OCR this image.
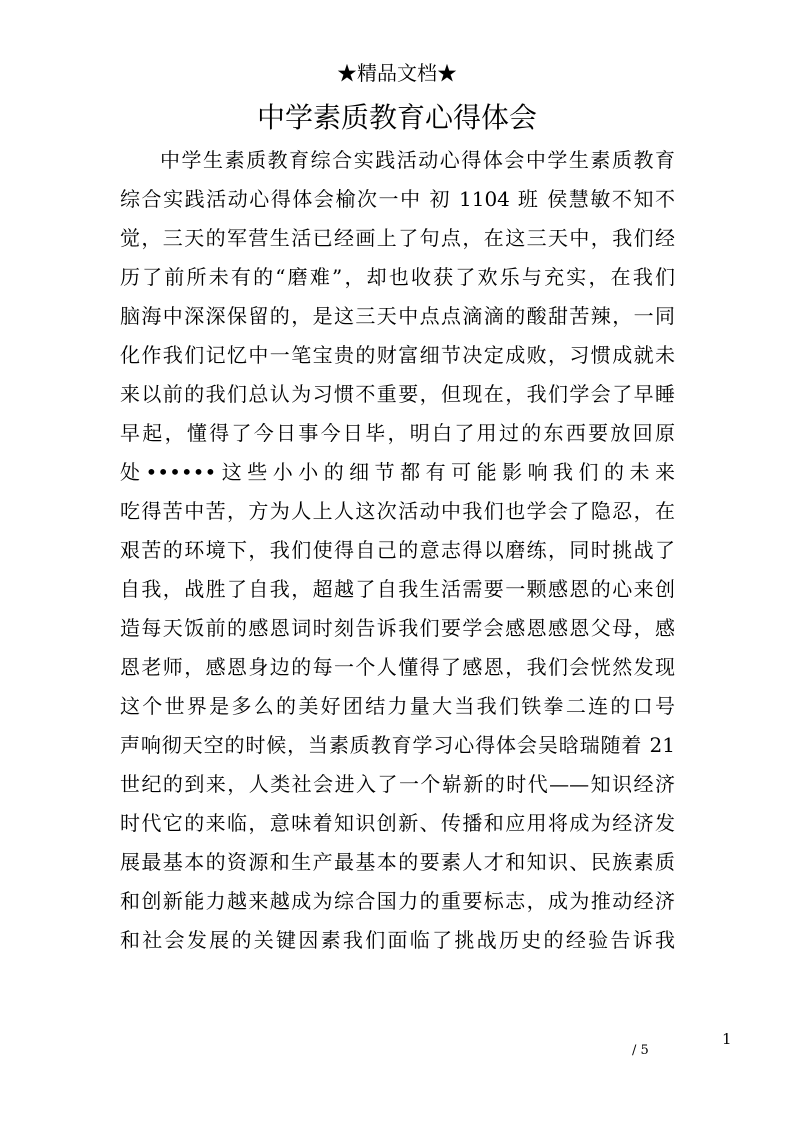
★精品文档★
中学素质教育心得体会
中学生素质教育综合实践活动心得体会中学生素质教育
综合实践活动心得体会榆次一中 初 1104 班 侯慧敏不知不
觉，三天的军营生活已经画上了句点，在这三天中，我们经
历了前所未有的“磨难”，却也收获了欢乐与充实，在我们
脑海中深深保留的，是这三天中点点滴滴的酸甜苦辣，一同
化作我们记忆中一笔宝贵的财富细节决定成败，习惯成就未
来以前的我们总认为习惯不重要，但现在，我们学会了早睡
早起，懂得了今日事今日毕，明白了用过的东西要放回原
处••••••这些小小的细节都有可能影响我们的未来
吃得苦中苦，方为人上人这次活动中我们也学会了隐忍，在
艰苦的环境下，我们使得自己的意志得以磨练，同时挑战了
自我，战胜了自我，超越了自我生活需要一颗感恩的心来创
造每天饭前的感恩词时刻告诉我们要学会感恩感恩父母，感
恩老师，感恩身边的每一个人懂得了感恩，我们会恍然发现
这个世界是多么的美好团结力量大当我们铁拳二连的口号
声响彻天空的时候，当素质教育学习心得体会吴晗瑞随着 21
世纪的到来，人类社会进入了一个崭新的时代——知识经济
时代它的来临，意味着知识创新、传播和应用将成为经济发
展最基本的资源和生产最基本的要素人才和知识、民族素质
和创新能力越来越成为综合国力的重要标志，成为推动经济
和社会发展的关键因素我们面临了挑战历史的经验告诉我
1
/ 5
